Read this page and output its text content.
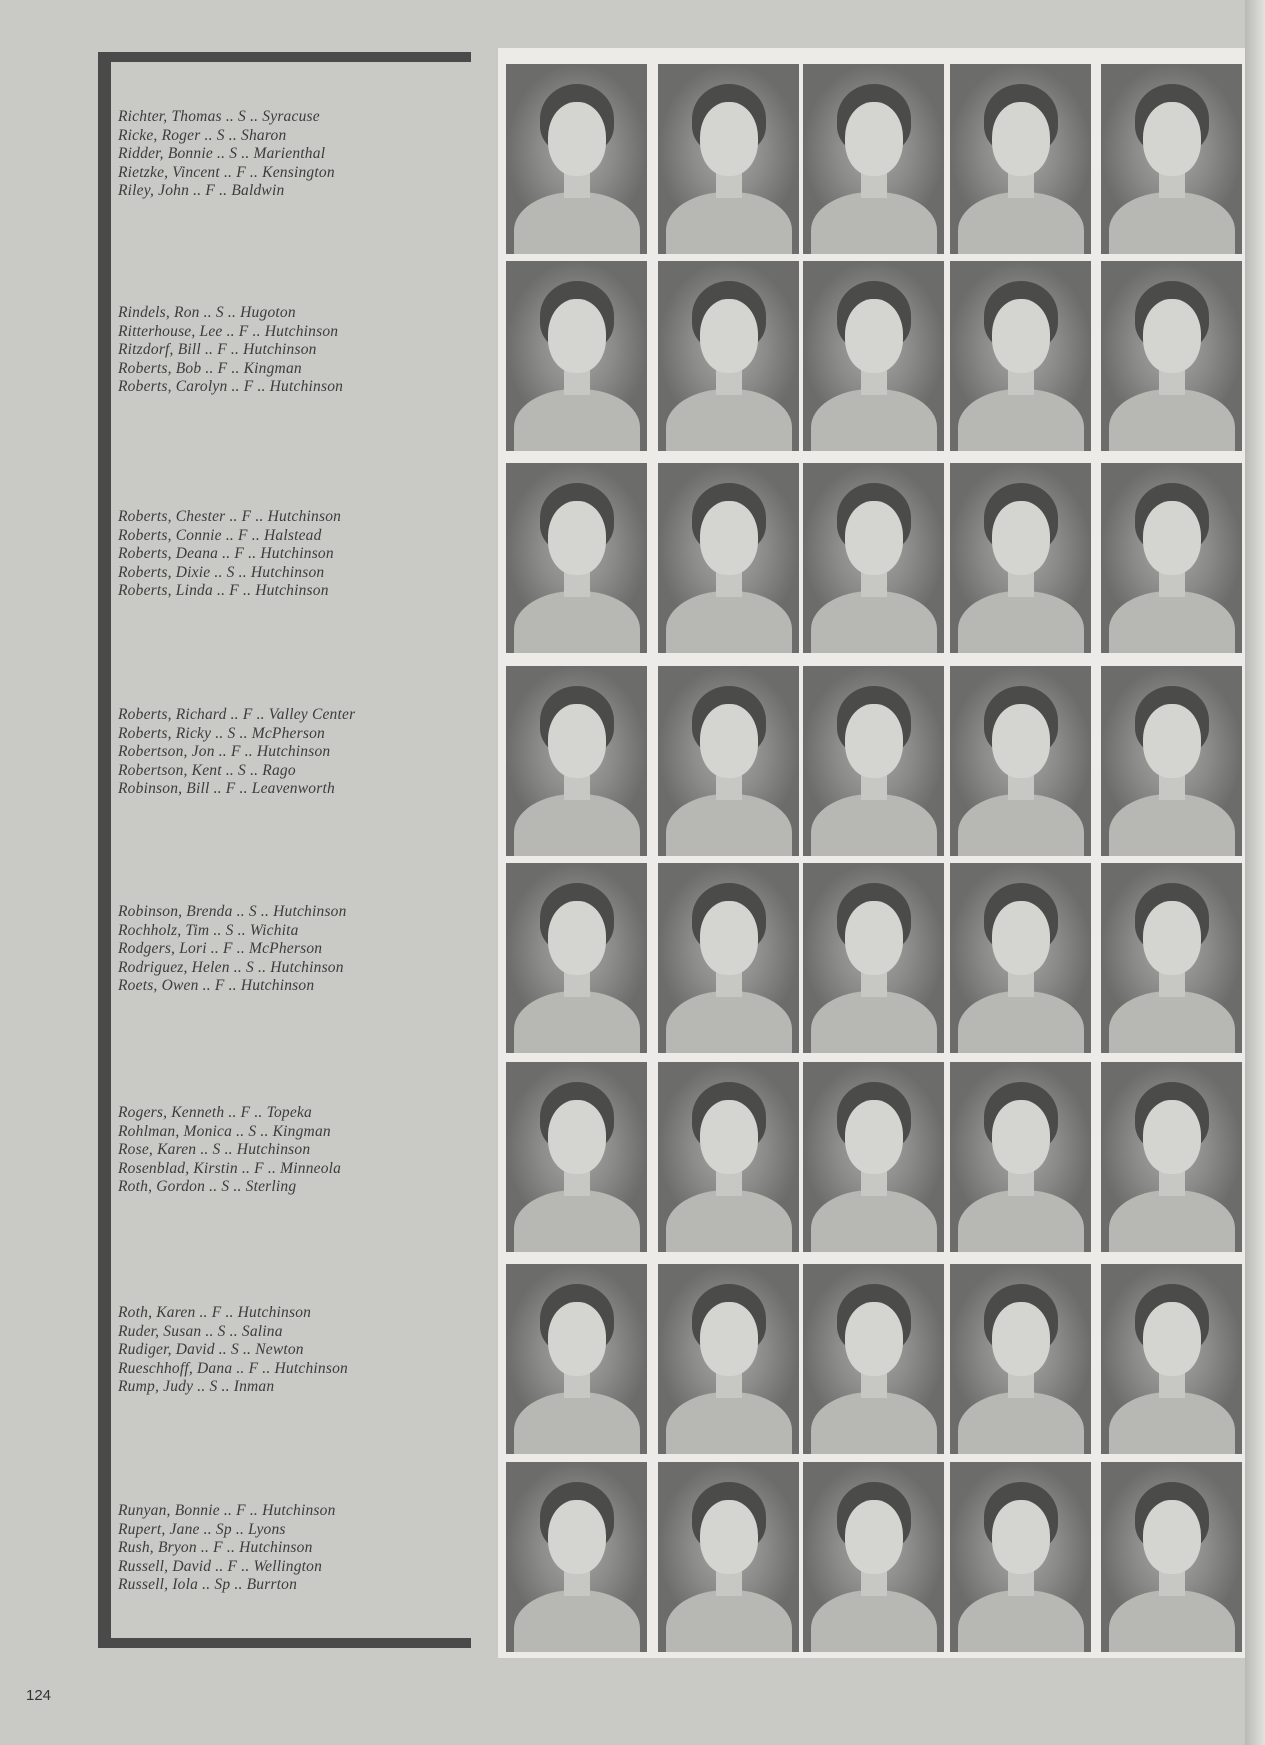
Richter, Thomas .. S .. Syracuse
Ricke, Roger .. S .. Sharon
Ridder, Bonnie .. S .. Marienthal
Rietzke, Vincent .. F .. Kensington
Riley, John .. F .. Baldwin
Rindels, Ron .. S .. Hugoton
Ritterhouse, Lee .. F .. Hutchinson
Ritzdorf, Bill .. F .. Hutchinson
Roberts, Bob .. F .. Kingman
Roberts, Carolyn .. F .. Hutchinson
Roberts, Chester .. F .. Hutchinson
Roberts, Connie .. F .. Halstead
Roberts, Deana .. F .. Hutchinson
Roberts, Dixie .. S .. Hutchinson
Roberts, Linda .. F .. Hutchinson
Roberts, Richard .. F .. Valley Center
Roberts, Ricky .. S .. McPherson
Robertson, Jon .. F .. Hutchinson
Robertson, Kent .. S .. Rago
Robinson, Bill .. F .. Leavenworth
Robinson, Brenda .. S .. Hutchinson
Rochholz, Tim .. S .. Wichita
Rodgers, Lori .. F .. McPherson
Rodriguez, Helen .. S .. Hutchinson
Roets, Owen .. F .. Hutchinson
Rogers, Kenneth .. F .. Topeka
Rohlman, Monica .. S .. Kingman
Rose, Karen .. S .. Hutchinson
Rosenblad, Kirstin .. F .. Minneola
Roth, Gordon .. S .. Sterling
Roth, Karen .. F .. Hutchinson
Ruder, Susan .. S .. Salina
Rudiger, David .. S .. Newton
Rueschhoff, Dana .. F .. Hutchinson
Rump, Judy .. S .. Inman
Runyan, Bonnie .. F .. Hutchinson
Rupert, Jane .. Sp .. Lyons
Rush, Bryon .. F .. Hutchinson
Russell, David .. F .. Wellington
Russell, Iola .. Sp .. Burrton
124
